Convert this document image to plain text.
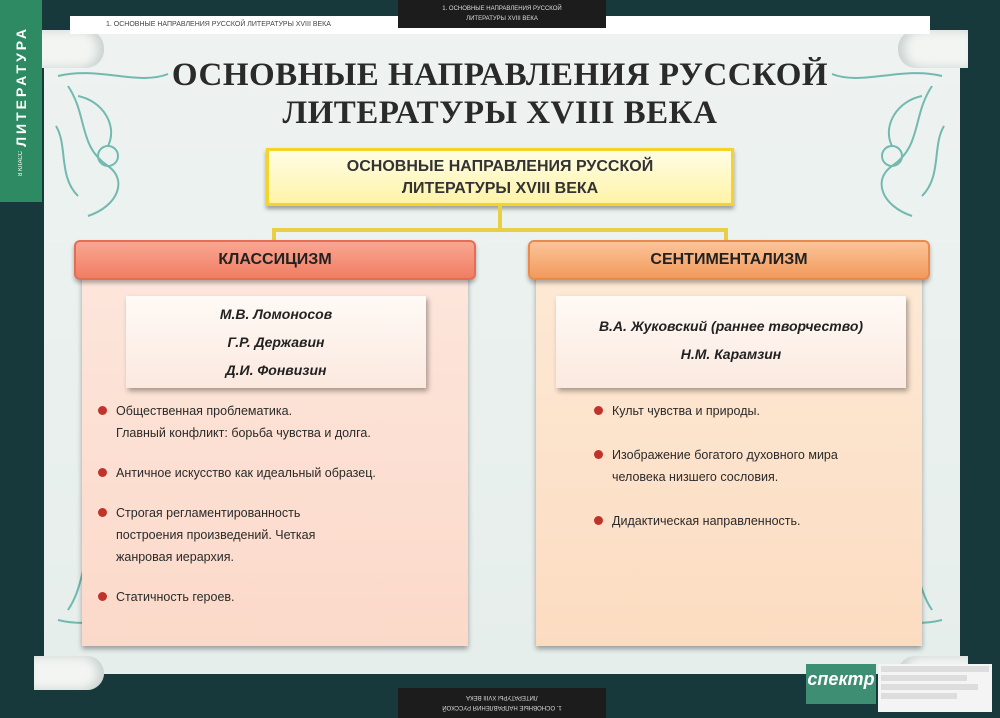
1. ОСНОВНЫЕ НАПРАВЛЕНИЯ РУССКОЙ ЛИТЕРАТУРЫ XVIII ВЕКА
1. ОСНОВНЫЕ НАПРАВЛЕНИЯ РУССКОЙ
ЛИТЕРАТУРЫ XVIII ВЕКА
1. ОСНОВНЫЕ НАПРАВЛЕНИЯ РУССКОЙ
ЛИТЕРАТУРЫ XVIII ВЕКА
ЛИТЕРАТУРА
8 КЛАСС
ОСНОВНЫЕ НАПРАВЛЕНИЯ РУССКОЙ
ЛИТЕРАТУРЫ XVIII ВЕКА
ОСНОВНЫЕ НАПРАВЛЕНИЯ РУССКОЙ
ЛИТЕРАТУРЫ XVIII ВЕКА
КЛАССИЦИЗМ
М.В. Ломоносов
Г.Р. Державин
Д.И. Фонвизин
Общественная проблематика.
Главный конфликт: борьба чувства и долга.
Античное искусство как идеальный образец.
Строгая регламентированность
построения произведений. Четкая
жанровая иерархия.
Статичность героев.
СЕНТИМЕНТАЛИЗМ
В.А. Жуковский (раннее творчество)
Н.М. Карамзин
Культ чувства и природы.
Изображение богатого духовного мира
человека низшего сословия.
Дидактическая направленность.
спектр
